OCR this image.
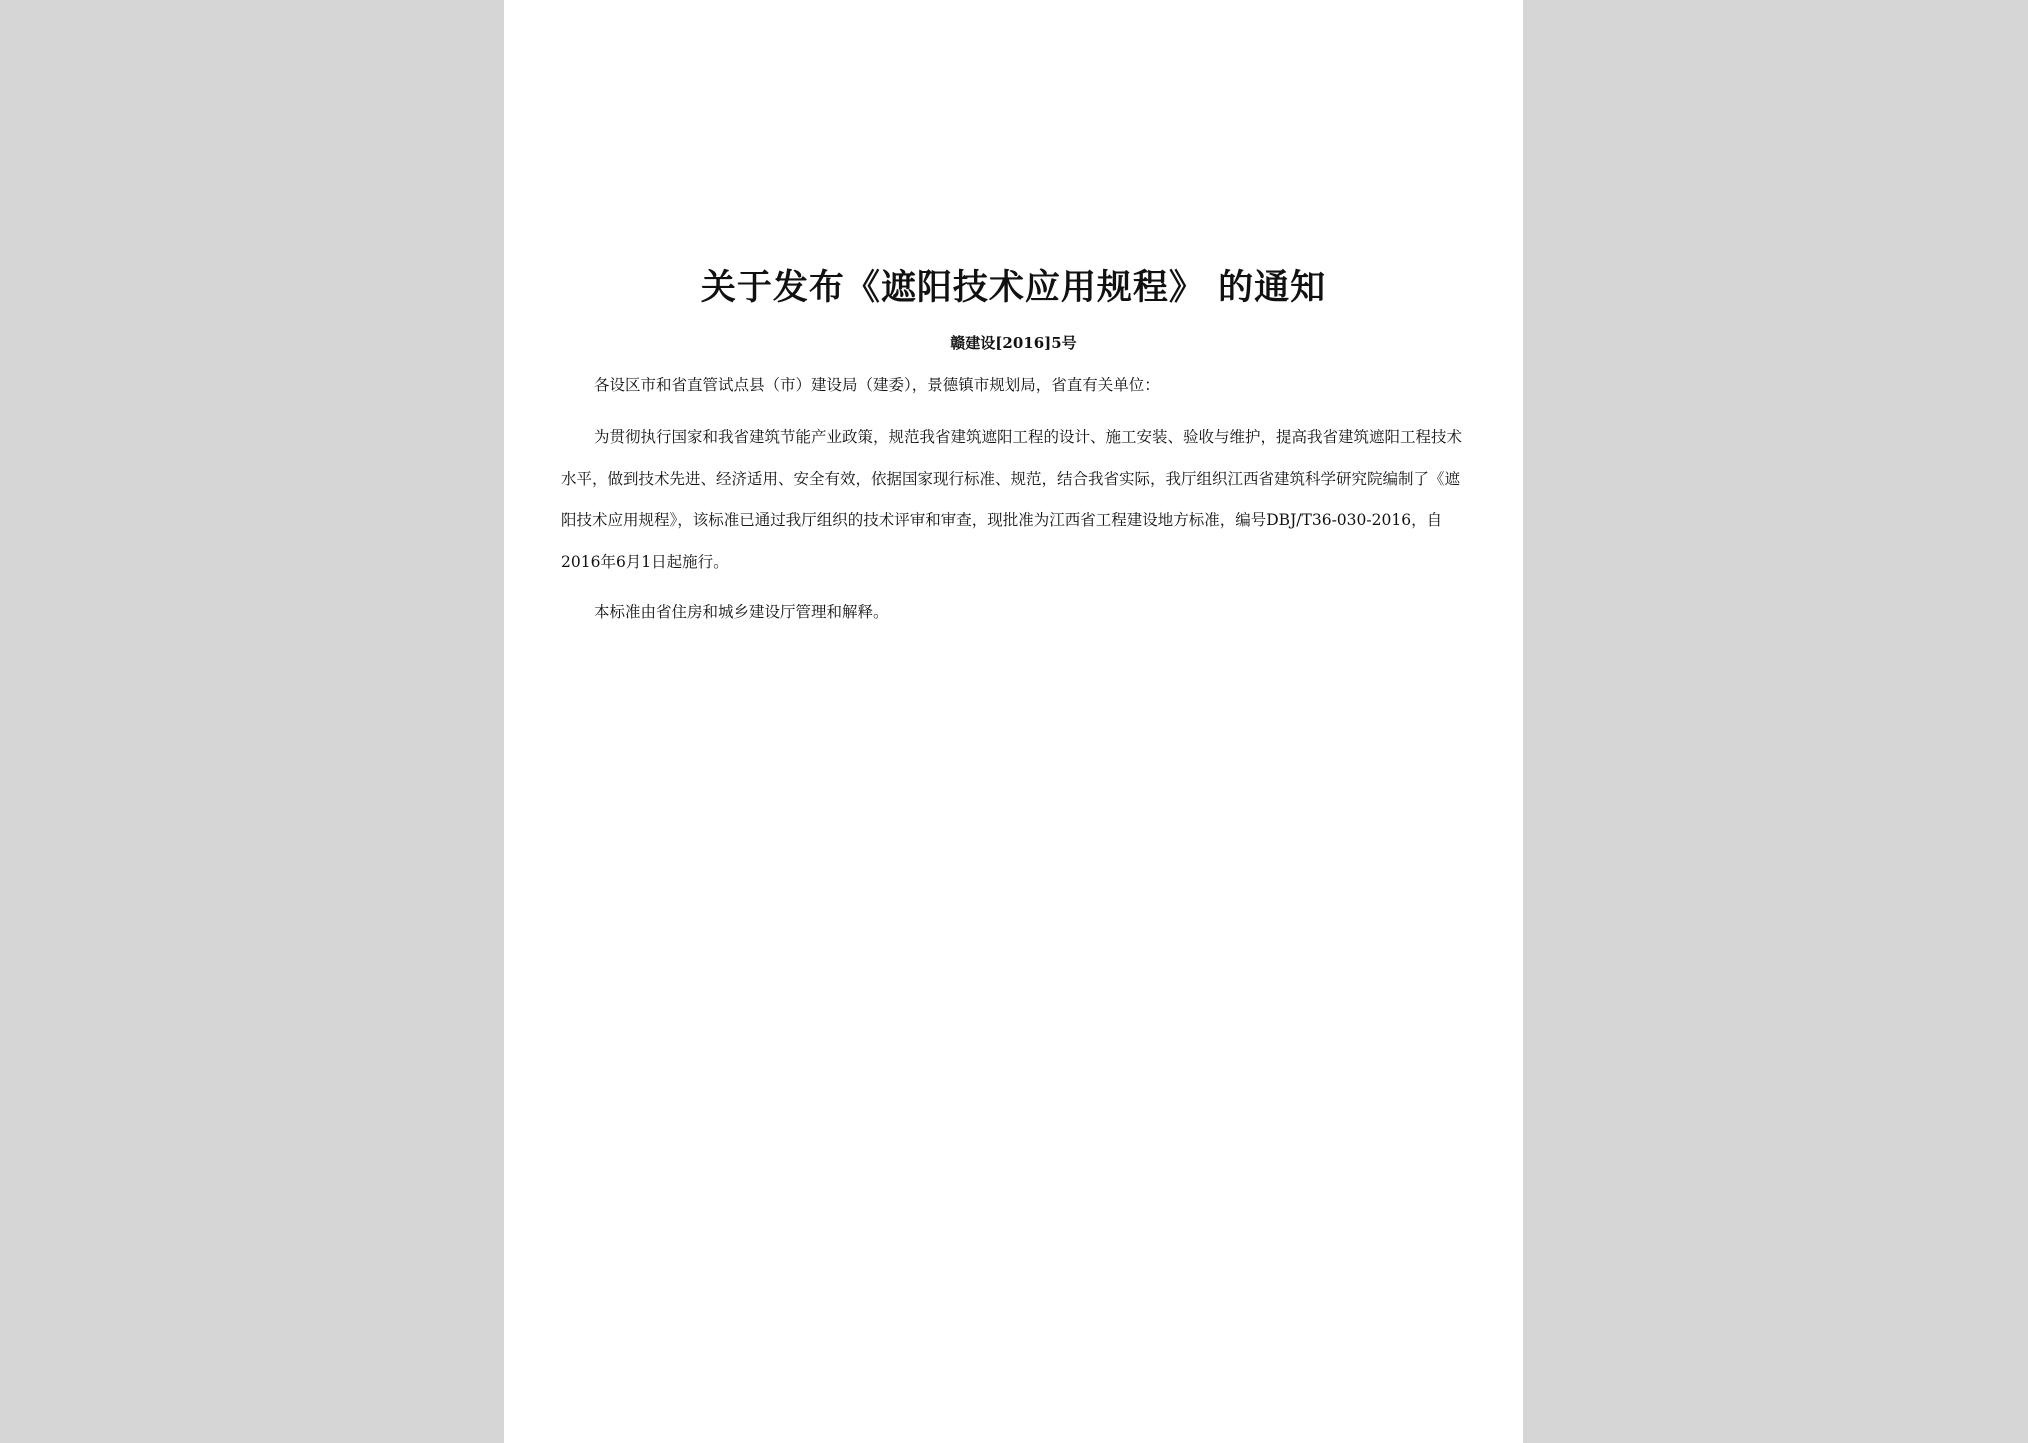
关于发布《遮阳技术应用规程》 的通知
赣建设[2016]5号

各设区市和省直管试点县（市）建设局（建委），景德镇市规划局，省直有关单位：

为贯彻执行国家和我省建筑节能产业政策，规范我省建筑遮阳工程的设计、施工安装、验收与维护，提高我省建筑遮阳工程技术水平，做到技术先进、经济适用、安全有效，依据国家现行标准、规范，结合我省实际，我厅组织江西省建筑科学研究院编制了《遮阳技术应用规程》，该标准已通过我厅组织的技术评审和审查，现批准为江西省工程建设地方标准，编号DBJ/T36-030-2016，自2016年6月1日起施行。

本标准由省住房和城乡建设厅管理和解释。
